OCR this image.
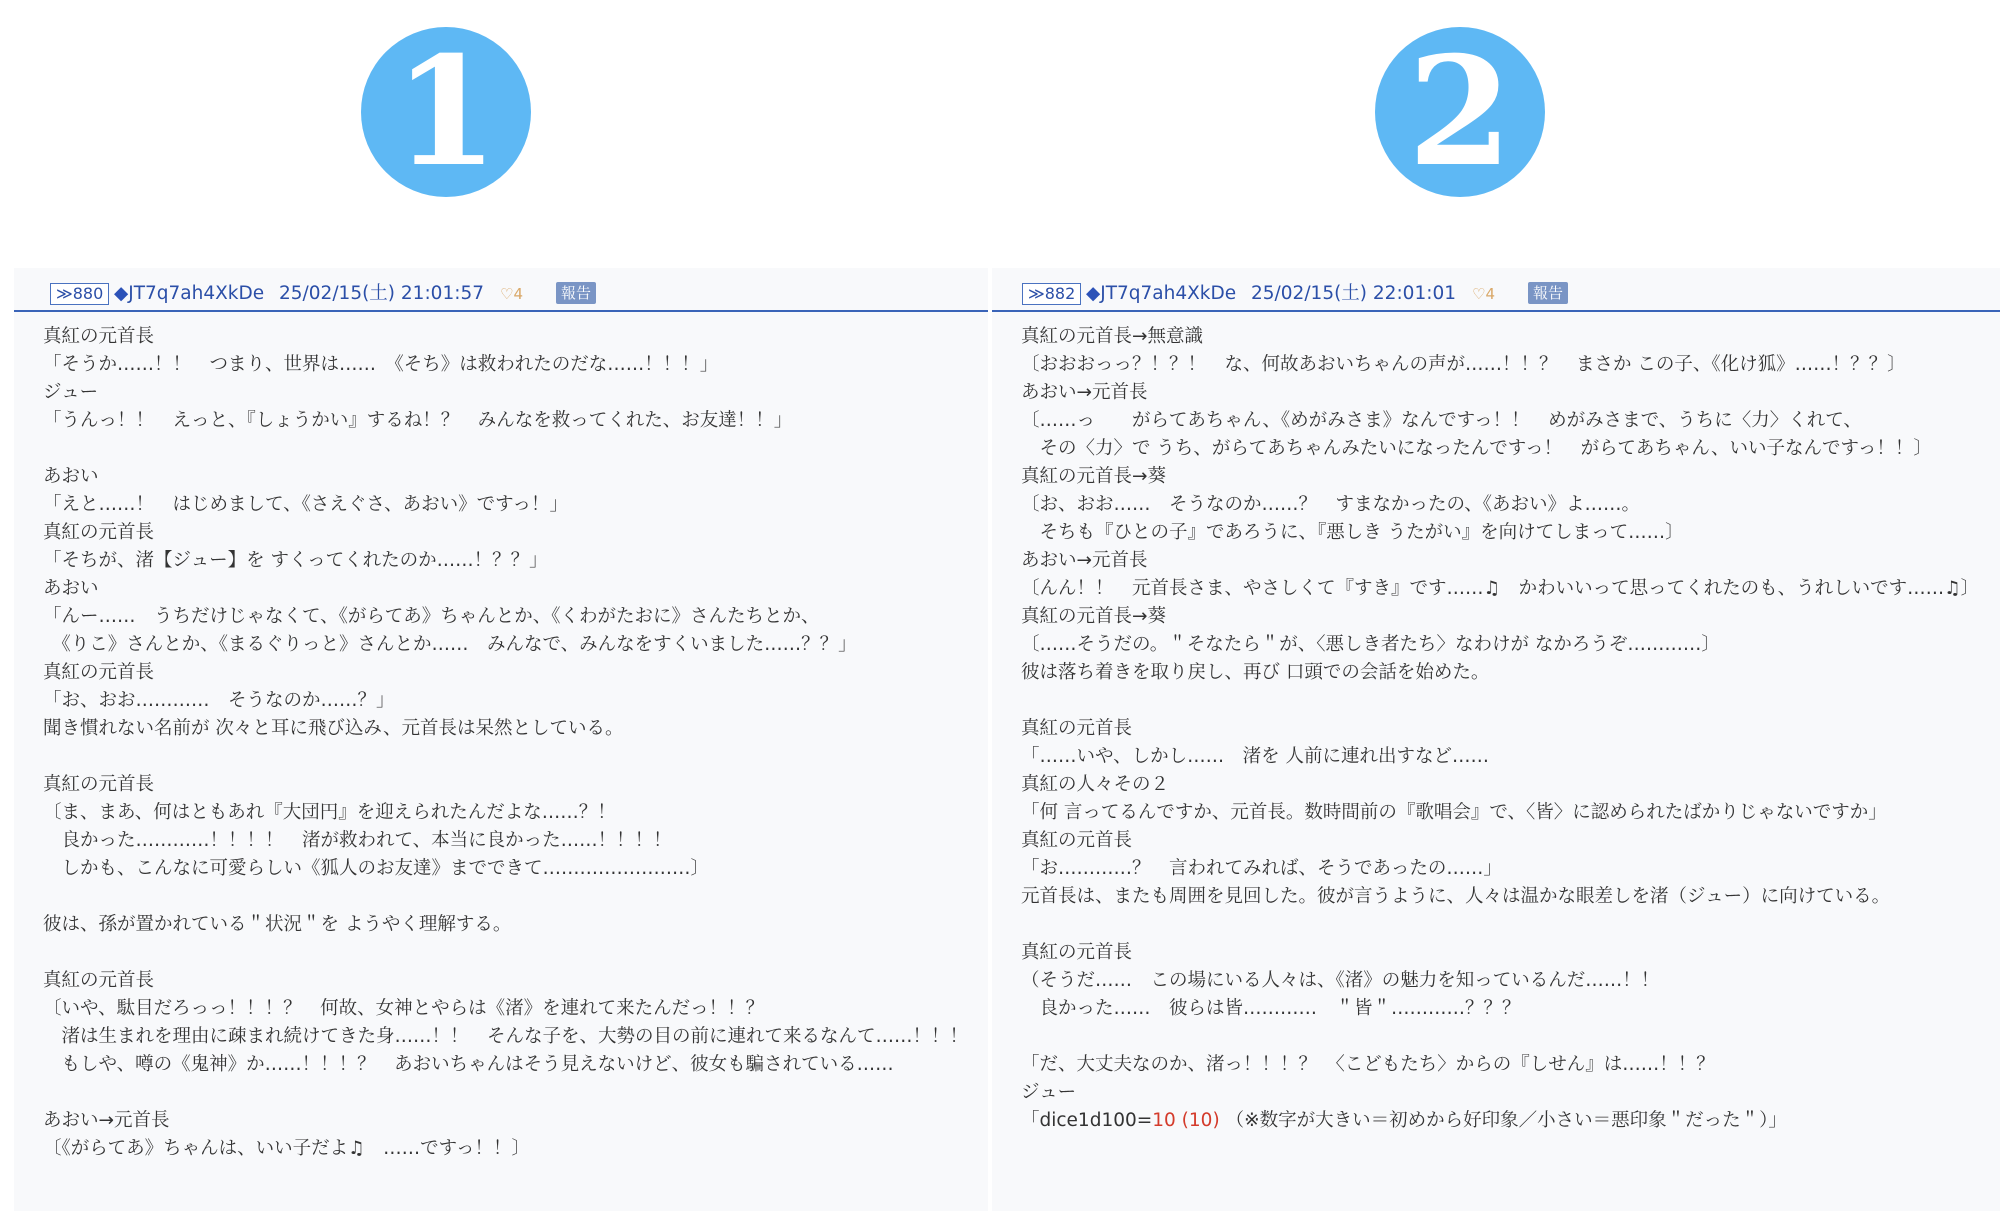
1	2
≫880 ◆JT7q7ah4XkDe 25/02/15(土) 21:01:57 ♡4	報告
真紅の元首長
「そうか……！！　つまり、世界は……　《そち》は救われたのだな……！！！」
ジュー
「うんっ！！　えっと、『しょうかい』するね！？　みんなを救ってくれた、お友達！！」
あおい
「えと……！　はじめまして、《さえぐさ、あおい》ですっ！」
真紅の元首長
「そちが、渚【ジュー】を すくってくれたのか……！？？」
あおい
「んー……　うちだけじゃなくて、《がらてあ》ちゃんとか、《くわがたおに》さんたちとか、
　《りこ》さんとか、《まるぐりっと》さんとか……　みんなで、みんなをすくいました……？？」
真紅の元首長
「お、おお…………　そうなのか……？」
聞き慣れない名前が 次々と耳に飛び込み、元首長は呆然としている。
真紅の元首長
〔ま、まあ、何はともあれ『大団円』を迎えられたんだよな……？！
　良かった…………！！！！　渚が救われて、本当に良かった……！！！！
　しかも、こんなに可愛らしい《狐人のお友達》までできて……………………〕
彼は、孫が置かれている＂状況＂を ようやく理解する。
真紅の元首長
〔いや、駄目だろっっ！！！？　何故、女神とやらは《渚》を連れて来たんだっ！！？
　渚は生まれを理由に疎まれ続けてきた身……！！　そんな子を、大勢の目の前に連れて来るなんて……！！！
　もしや、噂の《鬼神》か……！！！？　あおいちゃんはそう見えないけど、彼女も騙されている……
あおい→元首長
〔《がらてあ》ちゃんは、いい子だよ♫　……ですっ！！〕
≫882 ◆JT7q7ah4XkDe 25/02/15(土) 22:01:01 ♡4	報告
真紅の元首長→無意識
〔おおおっっ？！？！　な、何故あおいちゃんの声が……！！？　まさか この子、《化け狐》……！？？〕
あおい→元首長
〔……っ　　がらてあちゃん、《めがみさま》なんですっ！！　めがみさまで、うちに〈力〉くれて、
　その〈力〉で うち、がらてあちゃんみたいになったんですっ！　がらてあちゃん、いい子なんですっ！！〕
真紅の元首長→葵
〔お、おお……　そうなのか……？　すまなかったの、《あおい》よ……。
　そちも『ひとの子』であろうに、『悪しき うたがい』を向けてしまって……〕
あおい→元首長
〔んん！！　元首長さま、やさしくて『すき』です……♫　かわいいって思ってくれたのも、うれしいです……♫〕
真紅の元首長→葵
〔……そうだの。＂そなたら＂が、〈悪しき者たち〉なわけが なかろうぞ…………〕
彼は落ち着きを取り戻し、再び 口頭での会話を始めた。
真紅の元首長
「……いや、しかし……　渚を 人前に連れ出すなど……
真紅の人々その２
「何 言ってるんですか、元首長。数時間前の『歌唱会』で、〈皆〉に認められたばかりじゃないですか」
真紅の元首長
「お…………？　言われてみれば、そうであったの……」
元首長は、またも周囲を見回した。彼が言うように、人々は温かな眼差しを渚（ジュー）に向けている。
真紅の元首長
（そうだ……　この場にいる人々は、《渚》の魅力を知っているんだ……！！
　良かった……　彼らは皆…………　＂皆＂…………？？？
「だ、大丈夫なのか、渚っ！！！？　〈こどもたち〉からの『しせん』は……！！？
ジュー
「dice1d100=10 (10) （※数字が大きい＝初めから好印象／小さい＝悪印象＂だった＂）」
